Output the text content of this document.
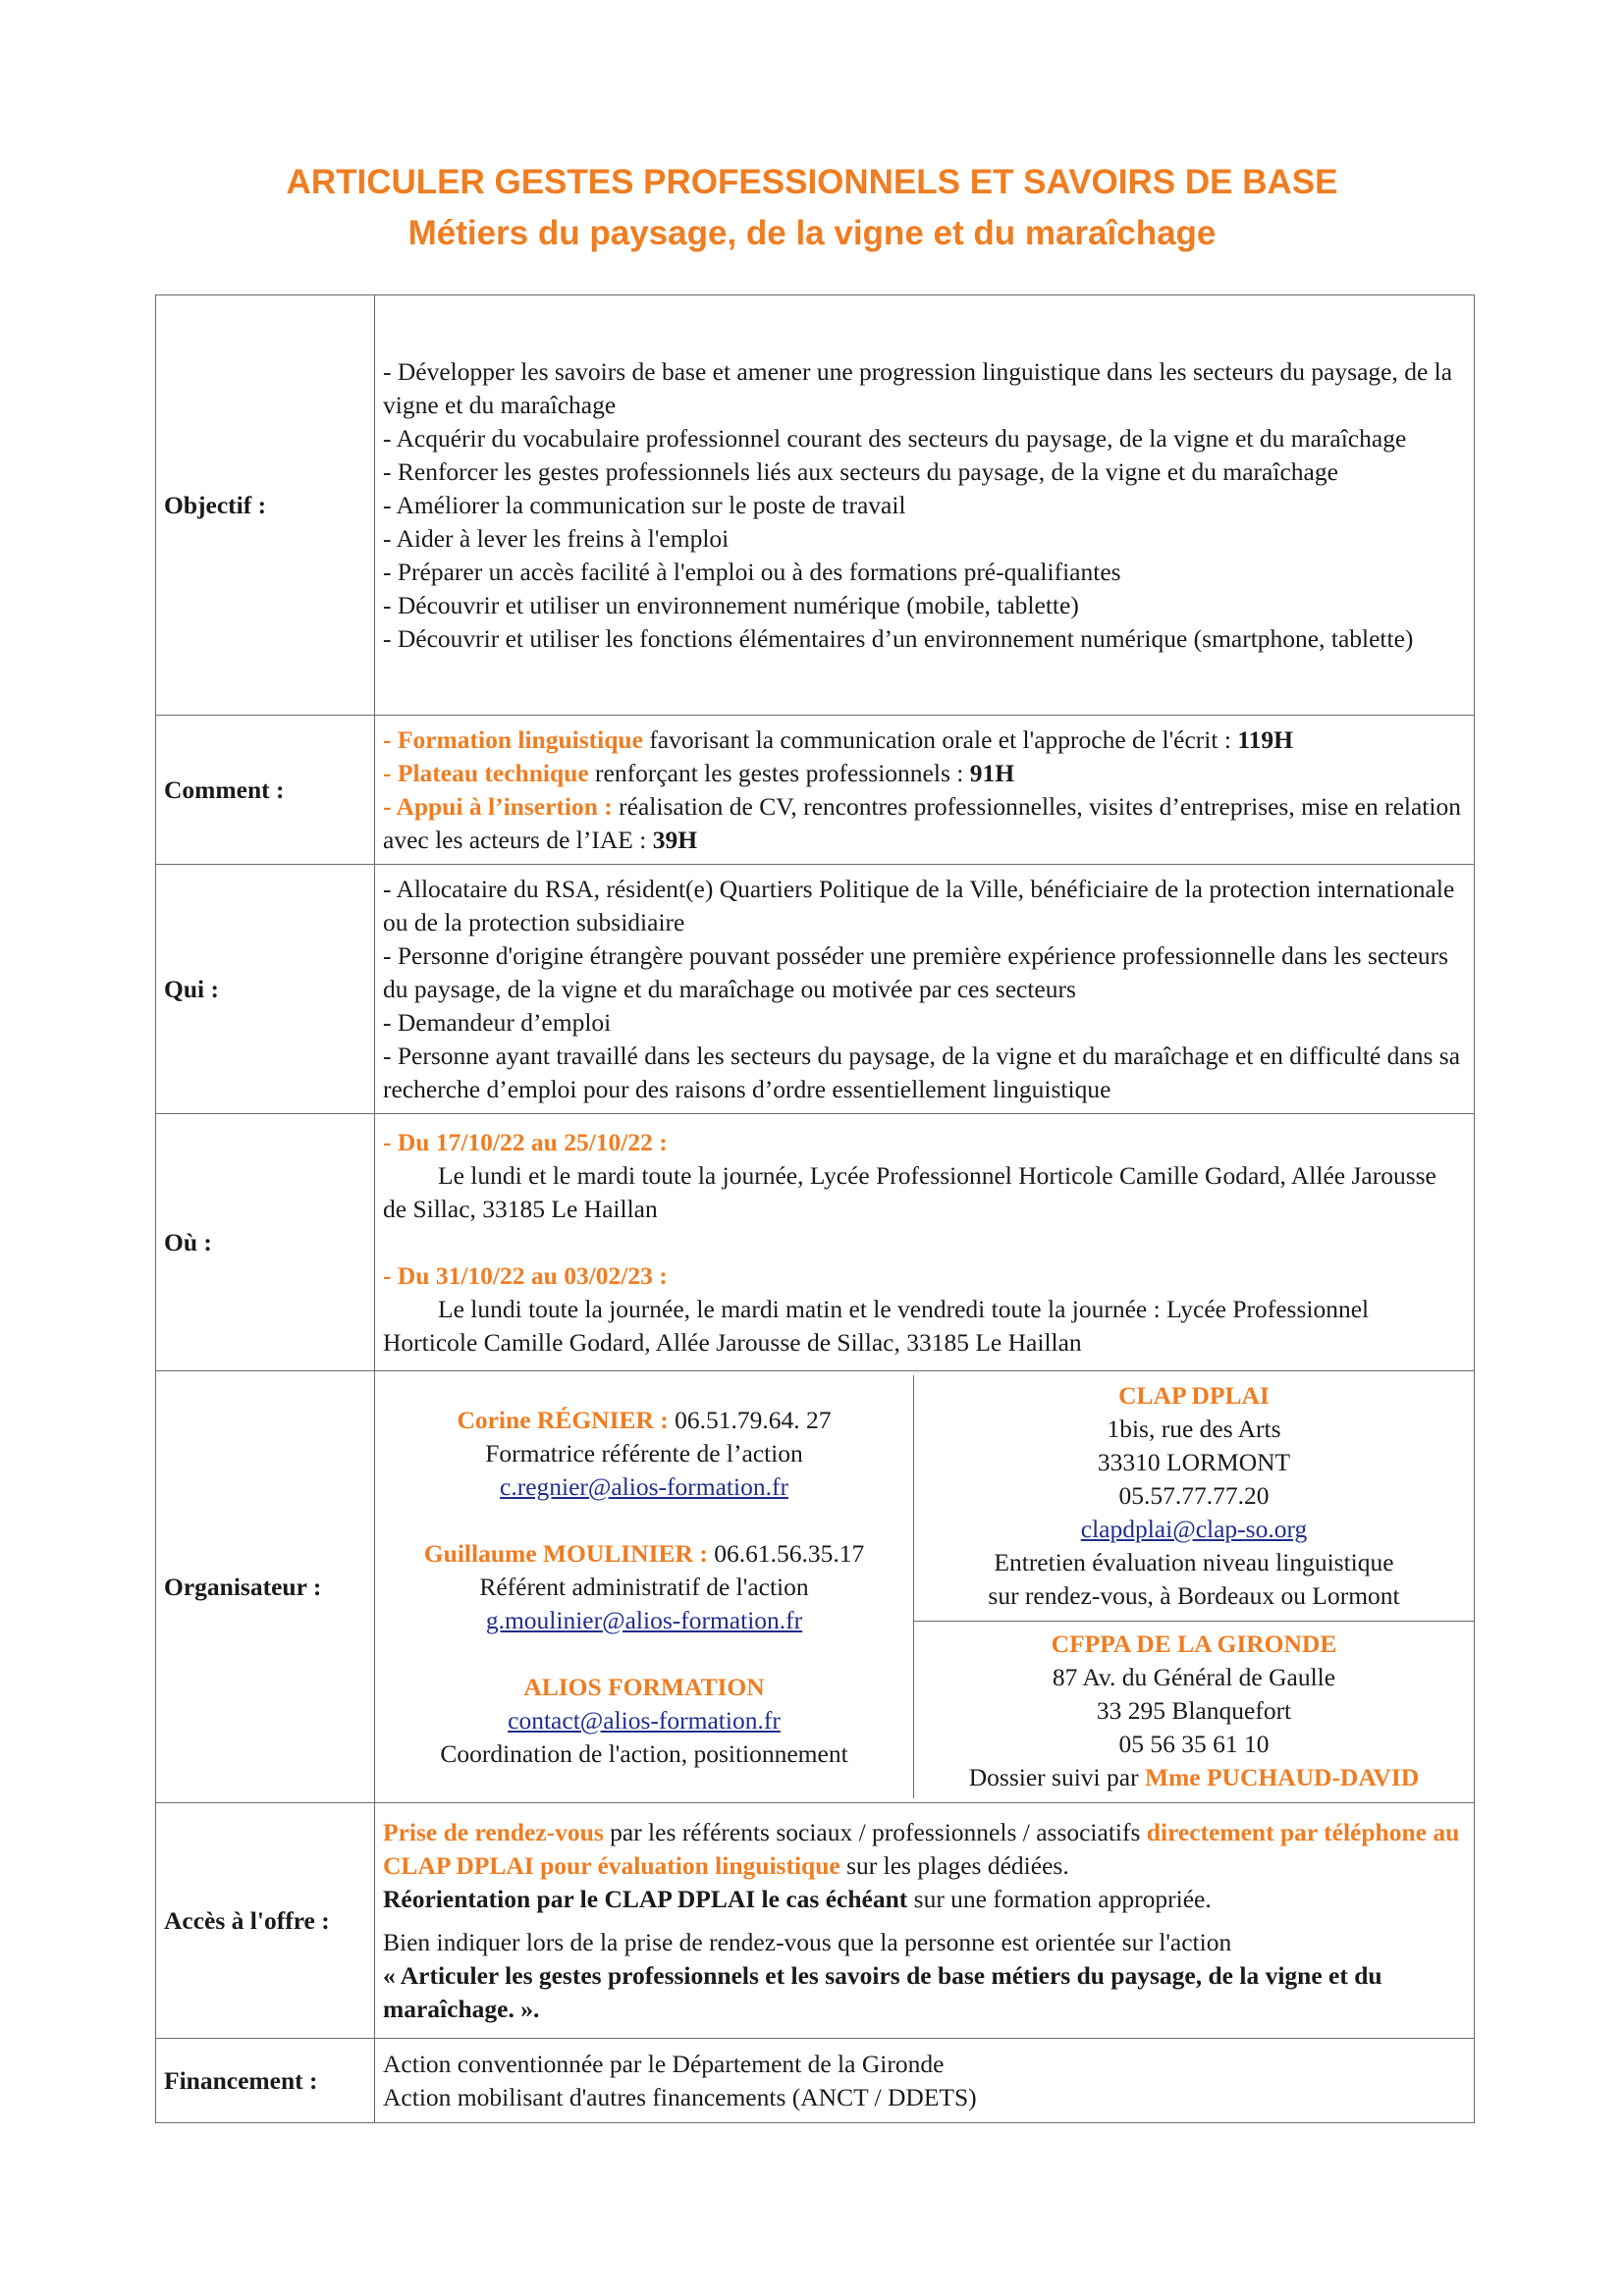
ARTICULER GESTES PROFESSIONNELS ET SAVOIRS DE BASE
Métiers du paysage, de la vigne et du maraîchage
Objectif :	
- Développer les savoirs de base et amener une progression linguistique dans les secteurs du paysage, de la vigne et du maraîchage
- Acquérir du vocabulaire professionnel courant des secteurs du paysage, de la vigne et du maraîchage
- Renforcer les gestes professionnels liés aux secteurs du paysage, de la vigne et du maraîchage
- Améliorer la communication sur le poste de travail
- Aider à lever les freins à l'emploi
- Préparer un accès facilité à l'emploi ou à des formations pré-qualifiantes
- Découvrir et utiliser un environnement numérique (mobile, tablette)
- Découvrir et utiliser les fonctions élémentaires d’un environnement numérique (smartphone, tablette)

Comment :	
- Formation linguistique favorisant la communication orale et l'approche de l'écrit : 119H
- Plateau technique renforçant les gestes professionnels : 91H
- Appui à l’insertion : réalisation de CV, rencontres professionnelles, visites d’entreprises, mise en relation avec les acteurs de l’IAE : 39H

Qui :	
- Allocataire du RSA, résident(e) Quartiers Politique de la Ville, bénéficiaire de la protection internationale ou de la protection subsidiaire
- Personne d'origine étrangère pouvant posséder une première expérience professionnelle dans les secteurs du paysage, de la vigne et du maraîchage ou motivée par ces secteurs
- Demandeur d’emploi
- Personne ayant travaillé dans les secteurs du paysage, de la vigne et du maraîchage et en difficulté dans sa recherche d’emploi pour des raisons d’ordre essentiellement linguistique

Où :	
- Du 17/10/22 au 25/10/22 :
Le lundi et le mardi toute la journée, Lycée Professionnel Horticole Camille Godard, Allée Jarousse de Sillac, 33185 Le Haillan
- Du 31/10/22 au 03/02/23 :
Le lundi toute la journée, le mardi matin et le vendredi toute la journée : Lycée Professionnel Horticole Camille Godard, Allée Jarousse de Sillac, 33185 Le Haillan

Organisateur :	
Corine RÉGNIER : 06.51.79.64. 27
Formatrice référente de l’action
c.regnier@alios-formation.fr
Guillaume MOULINIER : 06.61.56.35.17
Référent administratif de l'action
g.moulinier@alios-formation.fr
ALIOS FORMATION
contact@alios-formation.fr
Coordination de l'action, positionnement

CLAP DPLAI
1bis, rue des Arts
33310 LORMONT
05.57.77.77.20
clapdplai@clap-so.org
Entretien évaluation niveau linguistique
sur rendez-vous, à Bordeaux ou Lormont

CFPPA DE LA GIRONDE
87 Av. du Général de Gaulle
33 295 Blanquefort
05 56 35 61 10
Dossier suivi par Mme PUCHAUD-DAVID

Accès à l'offre :	
Prise de rendez-vous par les référents sociaux / professionnels / associatifs directement par téléphone au CLAP DPLAI pour évaluation linguistique sur les plages dédiées.
Réorientation par le CLAP DPLAI le cas échéant sur une formation appropriée.
Bien indiquer lors de la prise de rendez-vous que la personne est orientée sur l'action
« Articuler les gestes professionnels et les savoirs de base métiers du paysage, de la vigne et du maraîchage. ».

Financement :	
Action conventionnée par le Département de la Gironde
Action mobilisant d'autres financements (ANCT / DDETS)
